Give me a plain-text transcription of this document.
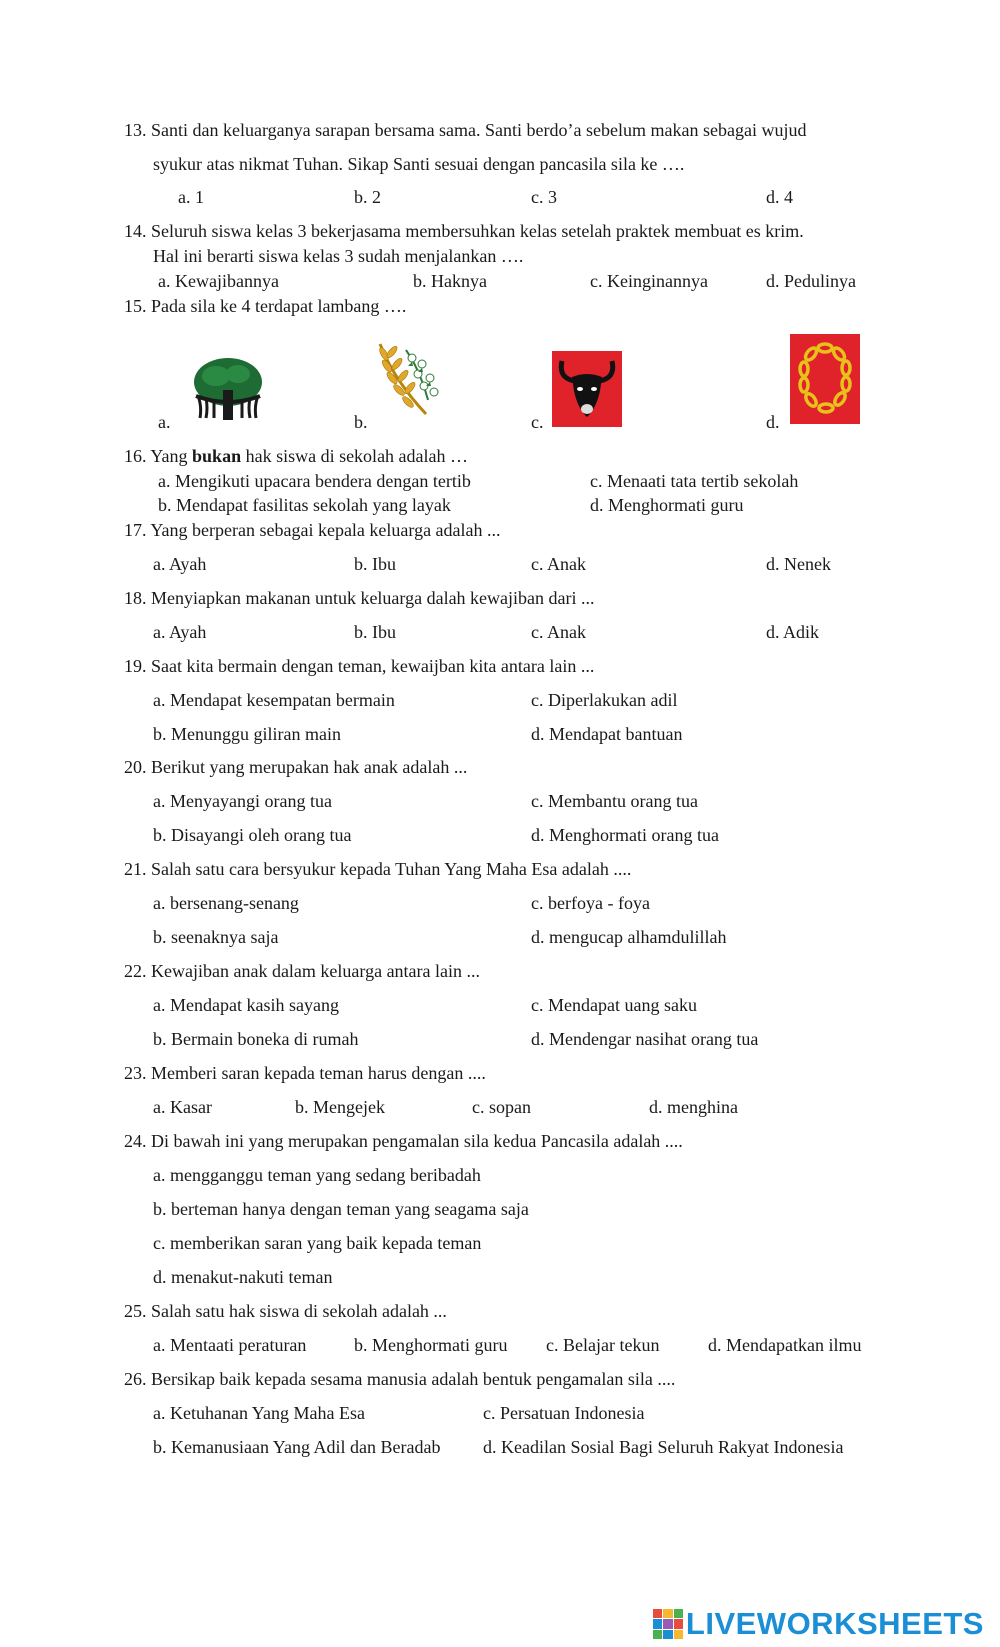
13. Santi dan keluarganya sarapan bersama sama. Santi berdo’a sebelum makan sebagai wujud
syukur atas nikmat Tuhan. Sikap Santi sesuai dengan pancasila sila ke ….
a. 1	b. 2	c. 3	d. 4
14. Seluruh siswa kelas 3 bekerjasama membersuhkan kelas setelah praktek membuat es krim.
Hal ini berarti siswa kelas 3 sudah menjalankan ….
a. Kewajibannya	b. Haknya	c. Keinginannya	d. Pedulinya
15. Pada sila ke 4 terdapat lambang ….
a.	b.	c.	d.
16. Yang bukan hak siswa di sekolah adalah …
a. Mengikuti upacara bendera dengan tertib	c. Menaati tata tertib sekolah
b. Mendapat fasilitas sekolah yang layak	d. Menghormati guru
17. Yang berperan sebagai kepala keluarga adalah ...
a. Ayah	b. Ibu	c. Anak	d. Nenek
18. Menyiapkan makanan untuk keluarga dalah kewajiban dari ...
a. Ayah	b. Ibu	c. Anak	d. Adik
19. Saat kita bermain dengan teman, kewaijban kita antara lain ...
a. Mendapat kesempatan bermain	c. Diperlakukan adil
b. Menunggu giliran main	d. Mendapat bantuan
20. Berikut yang merupakan hak anak adalah ...
a. Menyayangi orang tua	c. Membantu orang tua
b. Disayangi oleh orang tua	d. Menghormati orang tua
21. Salah satu cara bersyukur kepada Tuhan Yang Maha Esa adalah ....
a. bersenang-senang	c. berfoya - foya
b. seenaknya saja	d. mengucap alhamdulillah
22. Kewajiban anak dalam keluarga antara lain ...
a. Mendapat kasih sayang	c. Mendapat uang saku
b. Bermain boneka di rumah	d. Mendengar nasihat orang tua
23. Memberi saran kepada teman harus dengan ....
a. Kasar	b. Mengejek	c. sopan	d. menghina
24. Di bawah ini yang merupakan pengamalan sila kedua Pancasila adalah ....
a. mengganggu teman yang sedang beribadah
b. berteman hanya dengan teman yang seagama saja
c. memberikan saran yang baik kepada teman
d. menakut-nakuti teman
25. Salah satu hak siswa di sekolah adalah ...
a. Mentaati peraturan	b. Menghormati guru c. Belajar tekun	d. Mendapatkan ilmu
26. Bersikap baik kepada sesama manusia adalah bentuk pengamalan sila ....
a. Ketuhanan Yang Maha Esa	c. Persatuan Indonesia
b. Kemanusiaan Yang Adil dan Beradab d. Keadilan Sosial Bagi Seluruh Rakyat Indonesia
LIVEWORKSHEETS
